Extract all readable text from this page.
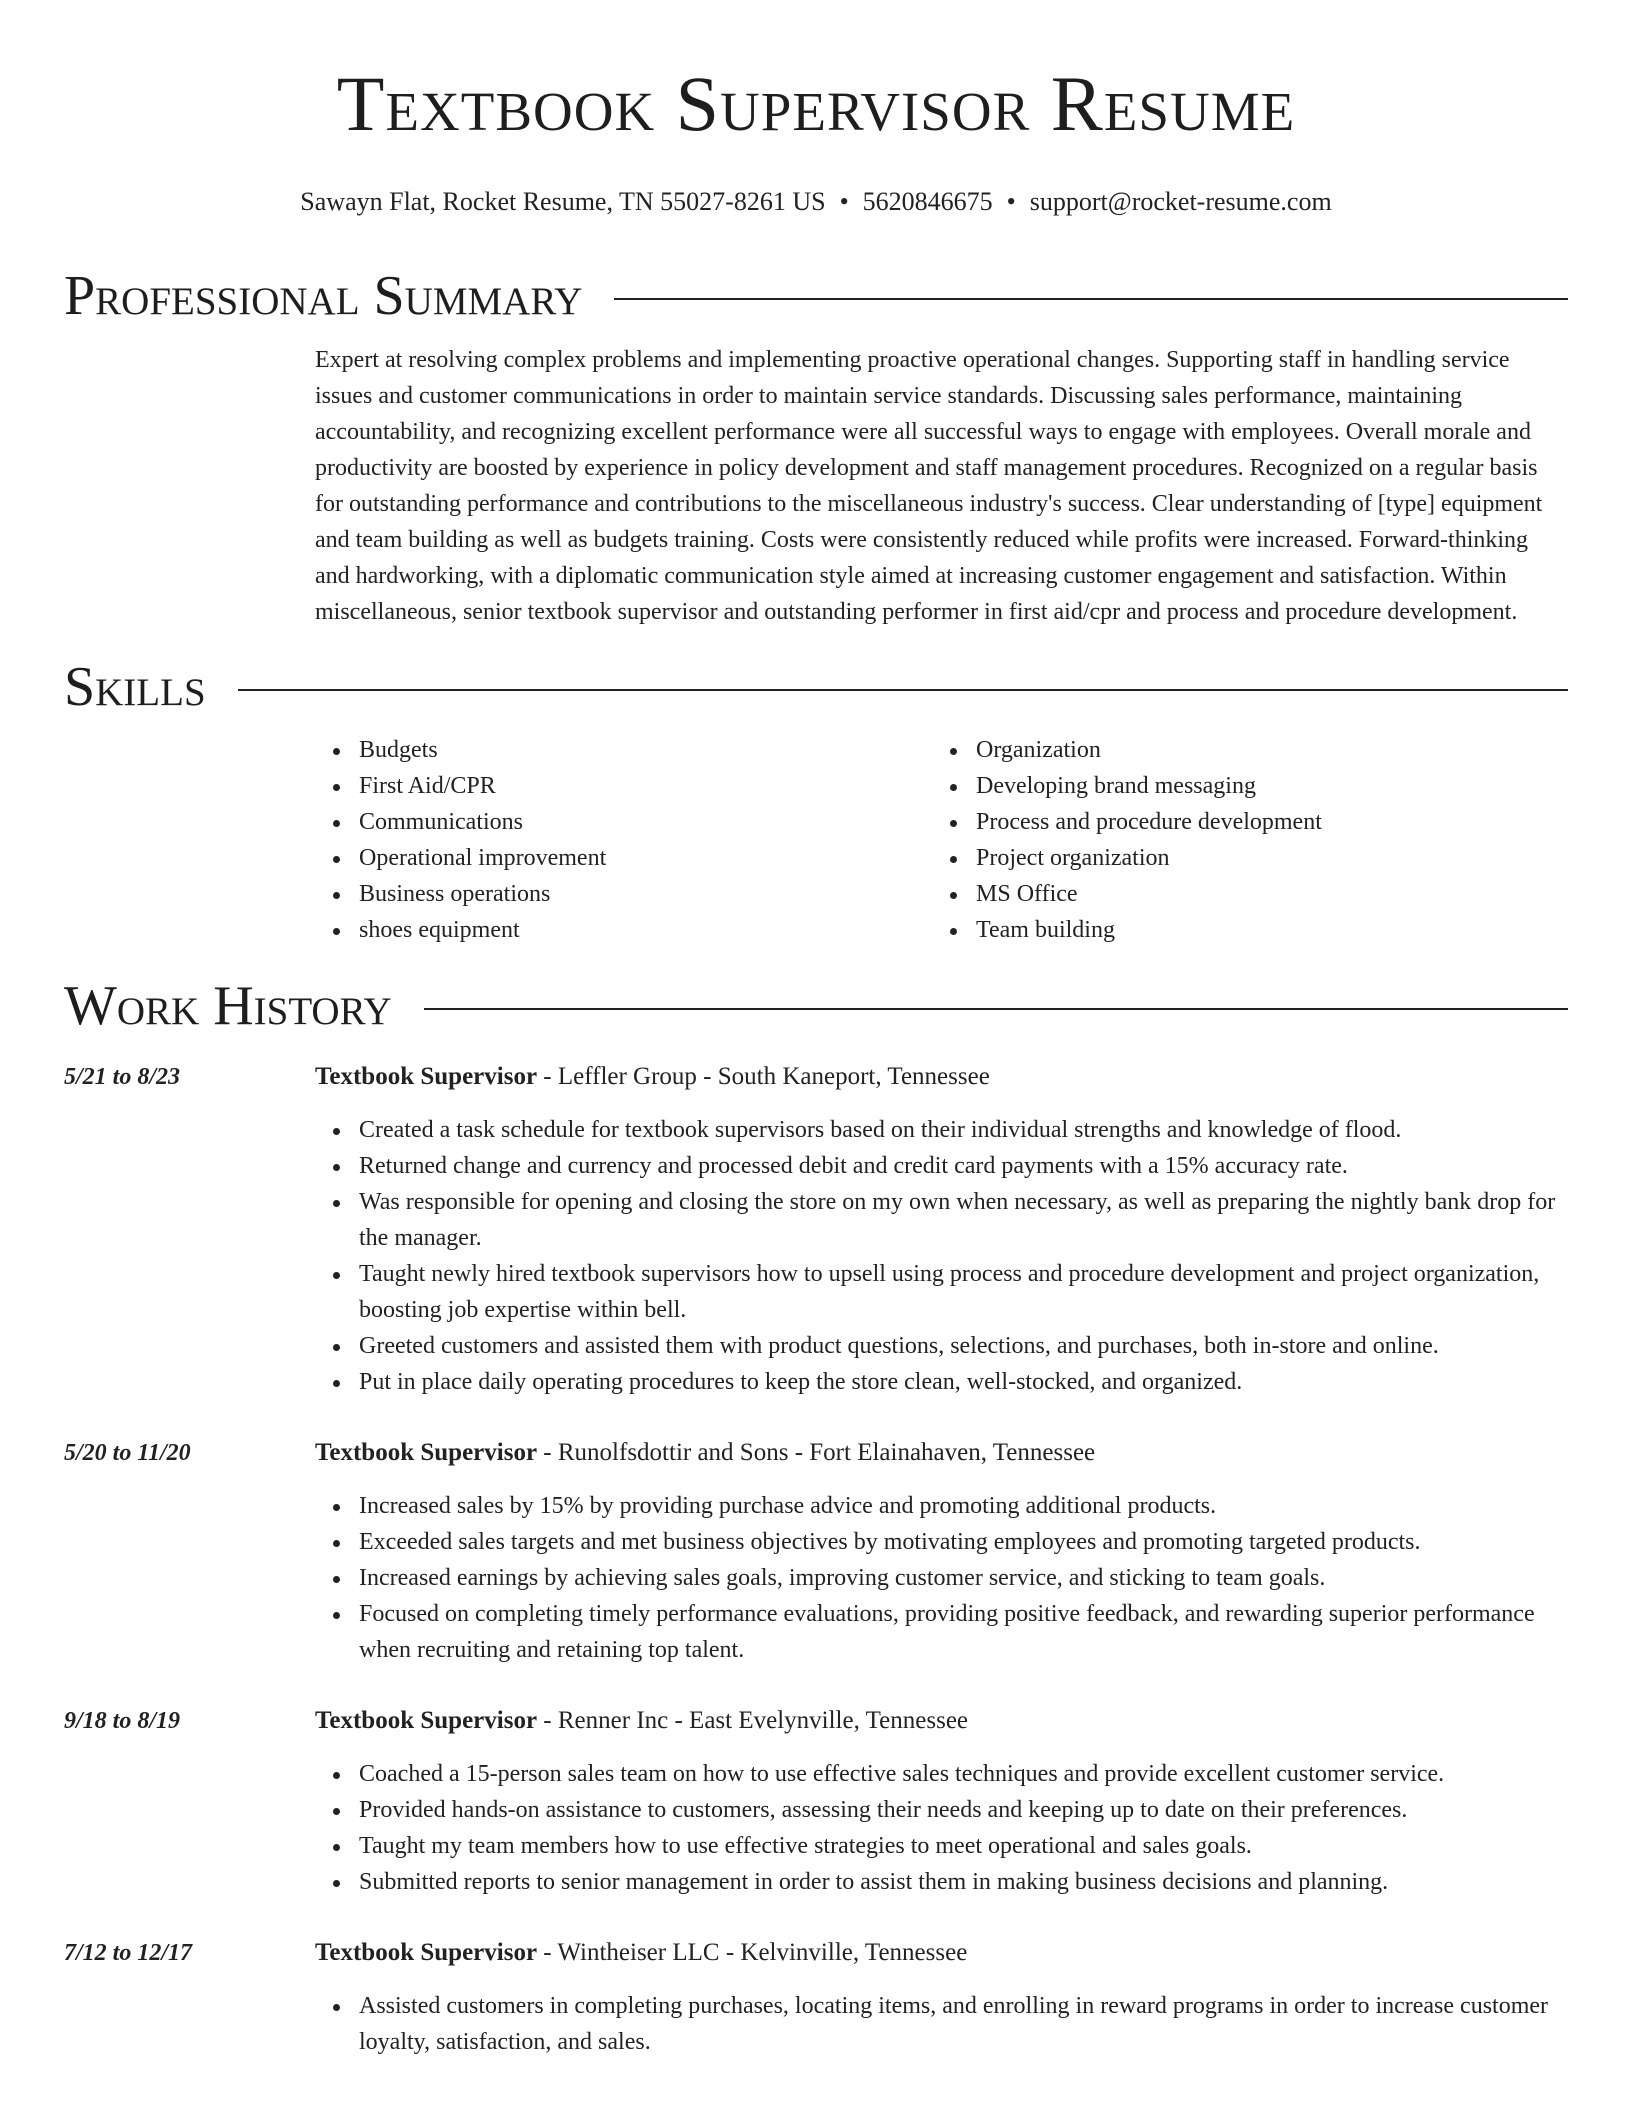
Textbook Supervisor Resume
Sawayn Flat, Rocket Resume, TN 55027-8261 US • 5620846675 • support@rocket-resume.com
Professional Summary

Expert at resolving complex problems and implementing proactive operational changes. Supporting staff in handling service issues and customer communications in order to maintain service standards. Discussing sales performance, maintaining accountability, and recognizing excellent performance were all successful ways to engage with employees. Overall morale and productivity are boosted by experience in policy development and staff management procedures. Recognized on a regular basis for outstanding performance and contributions to the miscellaneous industry's success. Clear understanding of [type] equipment and team building as well as budgets training. Costs were consistently reduced while profits were increased. Forward-thinking and hardworking, with a diplomatic communication style aimed at increasing customer engagement and satisfaction. Within miscellaneous, senior textbook supervisor and outstanding performer in first aid/cpr and process and procedure development.

Skills
Budgets
First Aid/CPR
Communications
Operational improvement
Business operations
shoes equipment
Organization
Developing brand messaging
Process and procedure development
Project organization
MS Office
Team building
Work History
5/21 to 8/23	Textbook Supervisor - Leffler Group - South Kaneport, Tennessee
Created a task schedule for textbook supervisors based on their individual strengths and knowledge of flood.
Returned change and currency and processed debit and credit card payments with a 15% accuracy rate.
Was responsible for opening and closing the store on my own when necessary, as well as preparing the nightly bank drop for the manager.
Taught newly hired textbook supervisors how to upsell using process and procedure development and project organization, boosting job expertise within bell.
Greeted customers and assisted them with product questions, selections, and purchases, both in-store and online.
Put in place daily operating procedures to keep the store clean, well-stocked, and organized.
5/20 to 11/20	Textbook Supervisor - Runolfsdottir and Sons - Fort Elainahaven, Tennessee
Increased sales by 15% by providing purchase advice and promoting additional products.
Exceeded sales targets and met business objectives by motivating employees and promoting targeted products.
Increased earnings by achieving sales goals, improving customer service, and sticking to team goals.
Focused on completing timely performance evaluations, providing positive feedback, and rewarding superior performance when recruiting and retaining top talent.
9/18 to 8/19	Textbook Supervisor - Renner Inc - East Evelynville, Tennessee
Coached a 15-person sales team on how to use effective sales techniques and provide excellent customer service.
Provided hands-on assistance to customers, assessing their needs and keeping up to date on their preferences.
Taught my team members how to use effective strategies to meet operational and sales goals.
Submitted reports to senior management in order to assist them in making business decisions and planning.
7/12 to 12/17	Textbook Supervisor - Wintheiser LLC - Kelvinville, Tennessee
Assisted customers in completing purchases, locating items, and enrolling in reward programs in order to increase customer loyalty, satisfaction, and sales.
